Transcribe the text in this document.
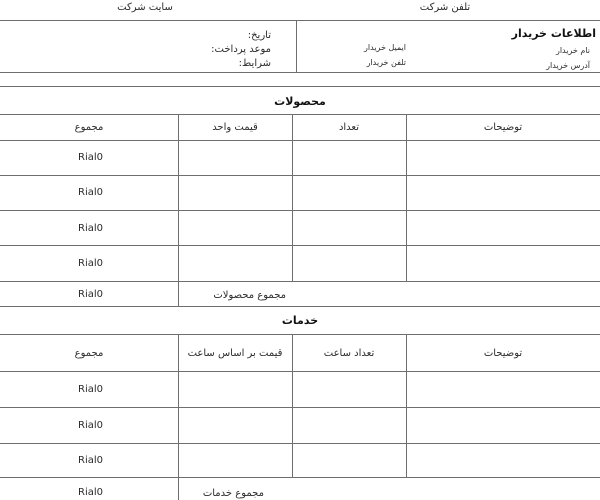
سایت شرکت	تلفن شرکت
تاریخ:
موعد پرداخت:
شرایط:
اطلاعات خریدار
نام خریدار
آدرس خریدار
ایمیل خریدار
تلفن خریدار
محصولات
مجموع	قیمت واحد	تعداد	توضیحات
Rial0
Rial0
Rial0
Rial0
Rial0	مجموع محصولات
خدمات
مجموع	قیمت بر اساس ساعت	تعداد ساعت	توضیحات
Rial0
Rial0
Rial0
Rial0	مجموع خدمات
